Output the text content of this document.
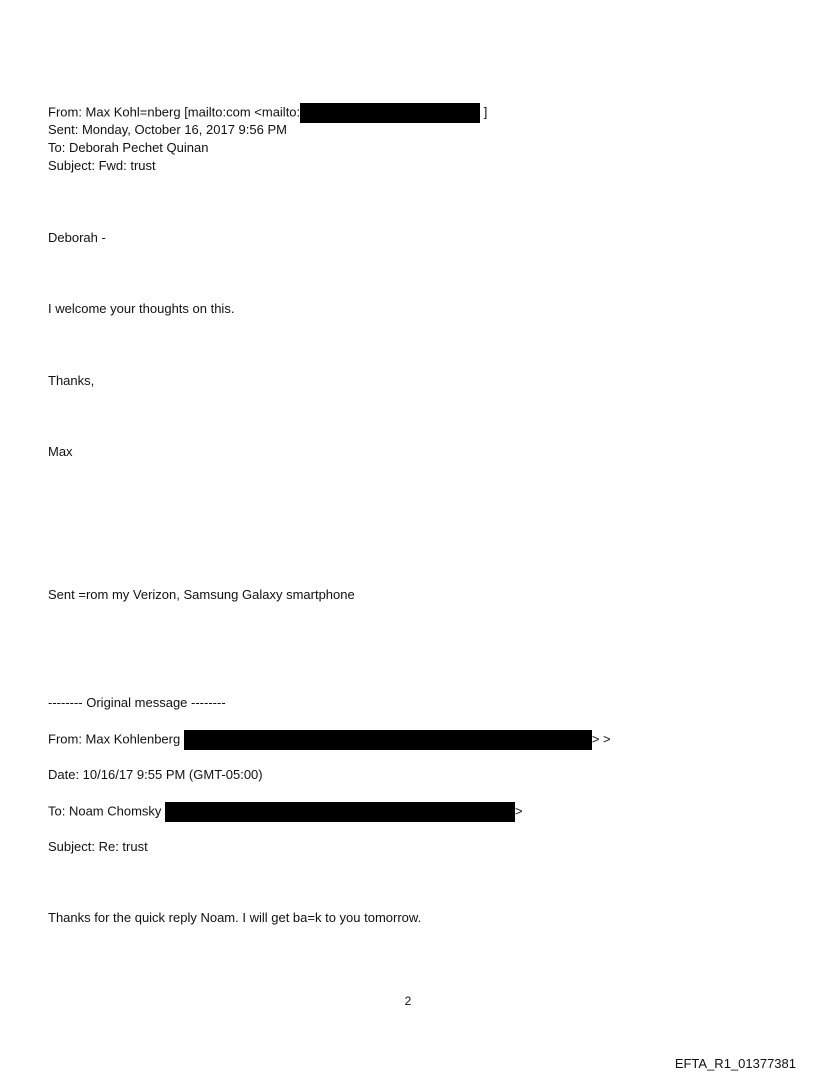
From: Max Kohl=nberg [mailto:com <mailto:	]
Sent: Monday, October 16, 2017 9:56 PM
To: Deborah Pechet Quinan
Subject: Fwd: trust
Deborah -
I welcome your thoughts on this.
Thanks,
Max
Sent =rom my Verizon, Samsung Galaxy smartphone
-------- Original message --------
From: Max Kohlenberg	> >
Date: 10/16/17 9:55 PM (GMT-05:00)
To: Noam Chomsky	>
Subject: Re: trust
Thanks for the quick reply Noam. I will get ba=k to you tomorrow.
2
EFTA_R1_01377381
